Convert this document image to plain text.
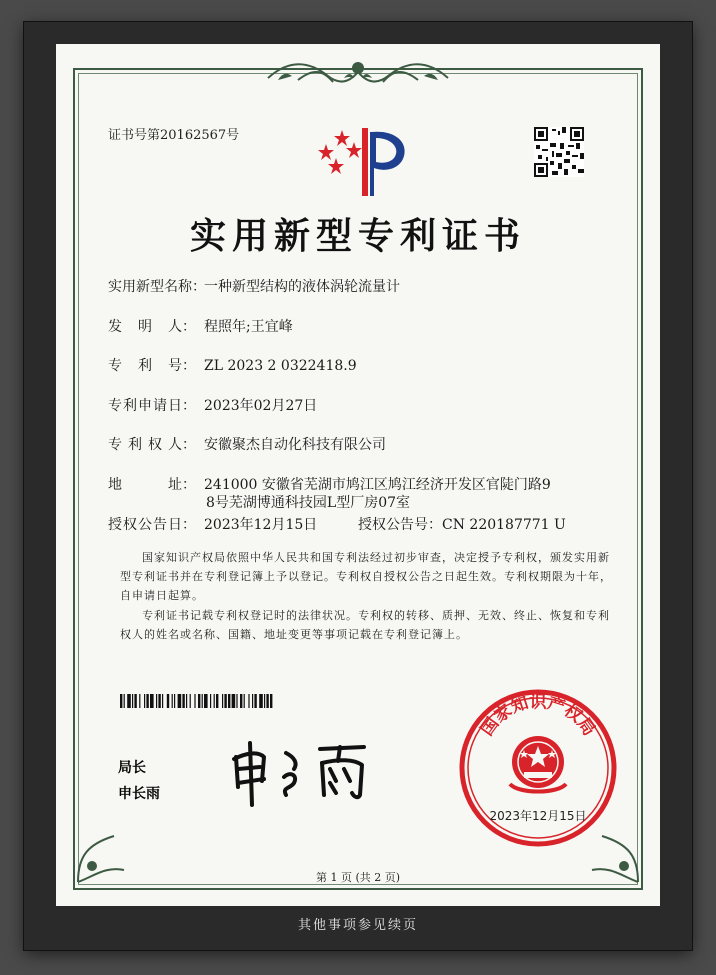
证书号第20162567号
实用新型专利证书
实用新型名称：一种新型结构的液体涡轮流量计
发 明 人： 程照年;王宜峰
专 利 号： ZL 2023 2 0322418.9
专 利 申 请 日： 2023年02月27日
专 利 权 人： 安徽聚杰自动化科技有限公司
地	址： 241000 安徽省芜湖市鸠江区鸠江经济开发区官陡门路9
8号芜湖博通科技园L型厂房07室
授 权 公 告 日： 2023年12月15日	授权公告号：CN 220187771 U
国家知识产权局依照中华人民共和国专利法经过初步审查，决定授予专利权，颁发实用新型专利证书并在专利登记簿上予以登记。专利权自授权公告之日起生效。专利权期限为十年，自申请日起算。
专利证书记载专利权登记时的法律状况。专利权的转移、质押、无效、终止、恢复和专利权人的姓名或名称、国籍、地址变更等事项记载在专利登记簿上。
局长
申长雨
国家知识产权局
2023年12月15日
第 1 页 (共 2 页)
其他事项参见续页
